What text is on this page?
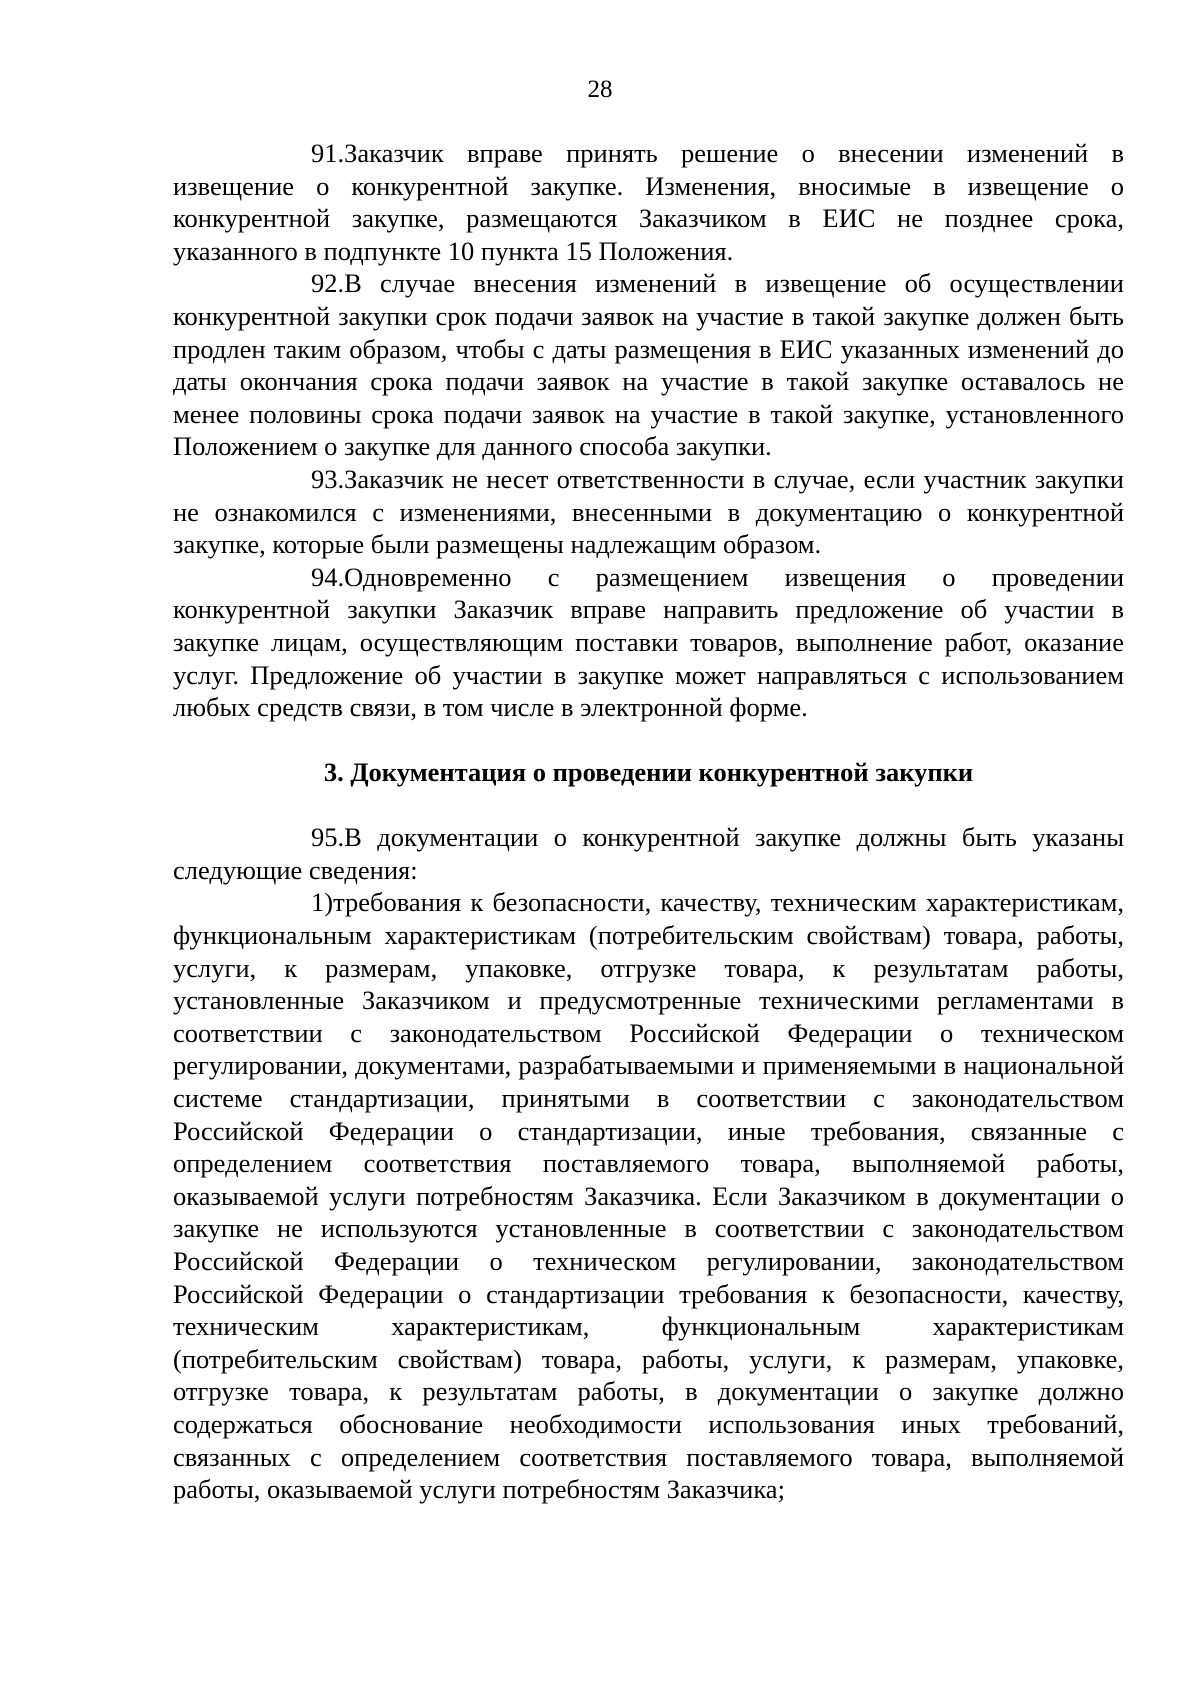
28

91.Заказчик вправе принять решение о внесении изменений в извещение о конкурентной закупке. Изменения, вносимые в извещение о конкурентной закупке, размещаются Заказчиком в ЕИС не позднее срока, указанного в подпункте 10 пункта 15 Положения.

92.В случае внесения изменений в извещение об осуществлении конкурентной закупки срок подачи заявок на участие в такой закупке должен быть продлен таким образом, чтобы с даты размещения в ЕИС указанных изменений до даты окончания срока подачи заявок на участие в такой закупке оставалось не менее половины срока подачи заявок на участие в такой закупке, установленного Положением о закупке для данного способа закупки.

93.Заказчик не несет ответственности в случае, если участник закупки не ознакомился с изменениями, внесенными в документацию о конкурентной закупке, которые были размещены надлежащим образом.

94.Одновременно с размещением извещения о проведении конкурентной закупки Заказчик вправе направить предложение об участии в закупке лицам, осуществляющим поставки товаров, выполнение работ, оказание услуг. Предложение об участии в закупке может направляться с использованием любых средств связи, в том числе в электронной форме.

3. Документация о проведении конкурентной закупки

95.В документации о конкурентной закупке должны быть указаны следующие сведения:

1)требования к безопасности, качеству, техническим характеристикам, функциональным характеристикам (потребительским свойствам) товара, работы, услуги, к размерам, упаковке, отгрузке товара, к результатам работы, установленные Заказчиком и предусмотренные техническими регламентами в соответствии с законодательством Российской Федерации о техническом регулировании, документами, разрабатываемыми и применяемыми в национальной системе стандартизации, принятыми в соответствии с законодательством Российской Федерации о стандартизации, иные требования, связанные с определением соответствия поставляемого товара, выполняемой работы, оказываемой услуги потребностям Заказчика. Если Заказчиком в документации о закупке не используются установленные в соответствии с законодательством Российской Федерации о техническом регулировании, законодательством Российской Федерации о стандартизации требования к безопасности, качеству, техническим характеристикам, функциональным характеристикам (потребительским свойствам) товара, работы, услуги, к размерам, упаковке, отгрузке товара, к результатам работы, в документации о закупке должно содержаться обоснование необходимости использования иных требований, связанных с определением соответствия поставляемого товара, выполняемой работы, оказываемой услуги потребностям Заказчика;
